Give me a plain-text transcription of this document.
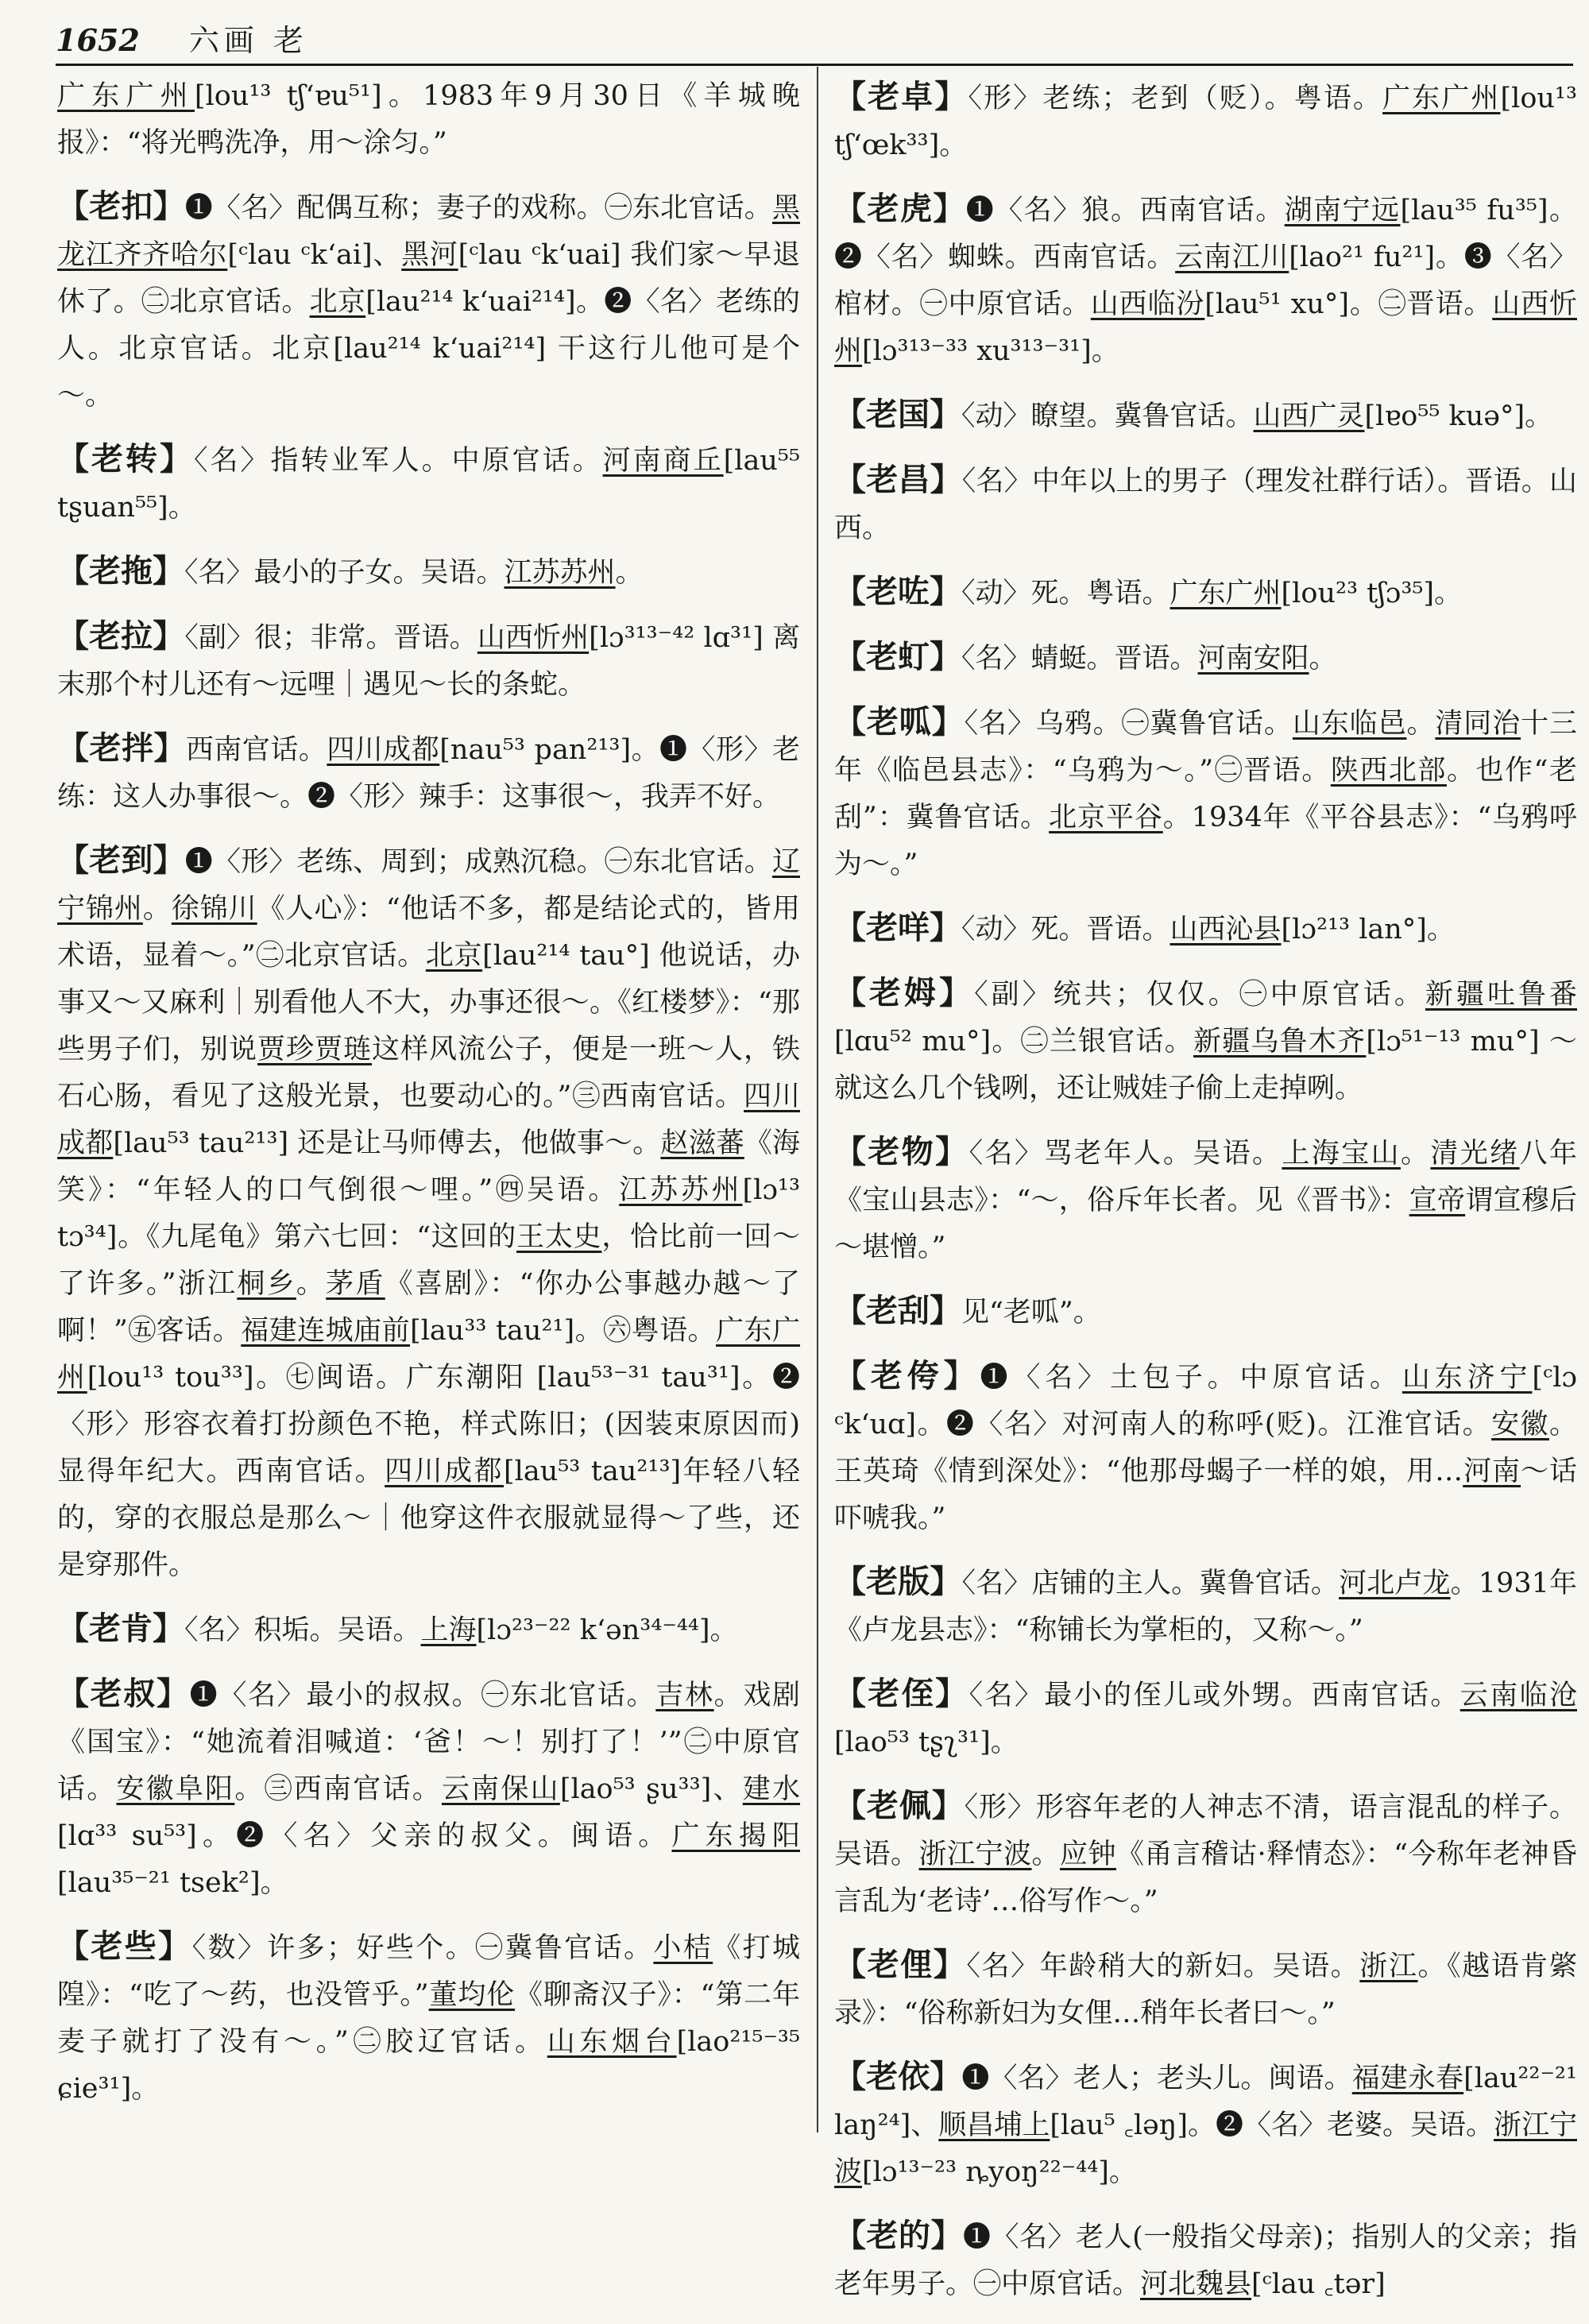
1652 六画 老

广东广州[lou¹³ tʃ‘ɐu⁵¹]。1983年9月30日《羊城晚报》：“将光鸭洗净，用～涂匀。”

【老扣】❶〈名〉配偶互称；妻子的戏称。㊀东北官话。黑龙江齐齐哈尔[ᶜlau ᶜk‘ai]、黑河[ᶜlau ᶜk‘uai] 我们家～早退休了。㊁北京官话。北京[lau²¹⁴ k‘uai²¹⁴]。❷〈名〉老练的人。北京官话。北京[lau²¹⁴ k‘uai²¹⁴] 干这行儿他可是个～。

【老转】〈名〉指转业军人。中原官话。河南商丘[lau⁵⁵ tʂuan⁵⁵]。

【老拖】〈名〉最小的子女。吴语。江苏苏州。

【老拉】〈副〉很；非常。晋语。山西忻州[lɔ³¹³⁻⁴² lɑ³¹] 离末那个村儿还有～远哩｜遇见～长的条蛇。

【老拌】西南官话。四川成都[nau⁵³ pan²¹³]。❶〈形〉老练：这人办事很～。❷〈形〉辣手：这事很～，我弄不好。

【老到】❶〈形〉老练、周到；成熟沉稳。㊀东北官话。辽宁锦州。徐锦川《人心》：“他话不多，都是结论式的，皆用术语，显着～。”㊁北京官话。北京[lau²¹⁴ tau°] 他说话，办事又～又麻利｜别看他人不大，办事还很～。《红楼梦》：“那些男子们，别说贾珍贾琏这样风流公子，便是一班～人，铁石心肠，看见了这般光景，也要动心的。”㊂西南官话。四川成都[lau⁵³ tau²¹³] 还是让马师傅去，他做事～。赵滋蕃《海笑》：“年轻人的口气倒很～哩。”㊃吴语。江苏苏州[lɔ¹³ tɔ³⁴]。《九尾龟》第六七回：“这回的王太史，恰比前一回～了许多。”浙江桐乡。茅盾《喜剧》：“你办公事越办越～了啊！”㊄客话。福建连城庙前[lau³³ tau²¹]。㊅粤语。广东广州[lou¹³ tou³³]。㊆闽语。广东潮阳 [lau⁵³⁻³¹ tau³¹]。❷〈形〉形容衣着打扮颜色不艳，样式陈旧；(因装束原因而)显得年纪大。西南官话。四川成都[lau⁵³ tau²¹³]年轻八轻的，穿的衣服总是那么～｜他穿这件衣服就显得～了些，还是穿那件。

【老肯】〈名〉积垢。吴语。上海[lɔ²³⁻²² k‘ən³⁴⁻⁴⁴]。

【老叔】❶〈名〉最小的叔叔。㊀东北官话。吉林。戏剧《国宝》：“她流着泪喊道：‘爸！～！别打了！’”㊁中原官话。安徽阜阳。㊂西南官话。云南保山[lao⁵³ ʂu³³]、建水[lɑ³³ su⁵³]。❷〈名〉父亲的叔父。闽语。广东揭阳[lau³⁵⁻²¹ tsek²]。

【老些】〈数〉许多；好些个。㊀冀鲁官话。小桔《打城隍》：“吃了～药，也没管乎。”董均伦《聊斋汉子》：“第二年麦子就打了没有～。”㊁胶辽官话。山东烟台[lao²¹⁵⁻³⁵ ɕie³¹]。

【老卓】〈形〉老练；老到（贬）。粤语。广东广州[lou¹³ tʃ‘œk³³]。

【老虎】❶〈名〉狼。西南官话。湖南宁远[lau³⁵ fu³⁵]。❷〈名〉蜘蛛。西南官话。云南江川[lao²¹ fu²¹]。❸〈名〉棺材。㊀中原官话。山西临汾[lau⁵¹ xu°]。㊁晋语。山西忻州[lɔ³¹³⁻³³ xu³¹³⁻³¹]。

【老国】〈动〉瞭望。冀鲁官话。山西广灵[lɐo⁵⁵ kuə°]。

【老昌】〈名〉中年以上的男子（理发社群行话）。晋语。山西。

【老咗】〈动〉死。粤语。广东广州[lou²³ tʃɔ³⁵]。

【老虰】〈名〉蜻蜓。晋语。河南安阳。

【老呱】〈名〉乌鸦。㊀冀鲁官话。山东临邑。清同治十三年《临邑县志》：“乌鸦为～。”㊁晋语。陕西北部。也作“老刮”：冀鲁官话。北京平谷。1934年《平谷县志》：“乌鸦呼为～。”

【老咩】〈动〉死。晋语。山西沁县[lɔ²¹³ lan°]。

【老姆】〈副〉统共；仅仅。㊀中原官话。新疆吐鲁番[lɑu⁵² mu°]。㊁兰银官话。新疆乌鲁木齐[lɔ⁵¹⁻¹³ mu°] ～就这么几个钱咧，还让贼娃子偷上走掉咧。

【老物】〈名〉骂老年人。吴语。上海宝山。清光绪八年《宝山县志》：“～，俗斥年长者。见《晋书》：宣帝谓宣穆后～堪憎。”

【老刮】见“老呱”。

【老侉】❶〈名〉土包子。中原官话。山东济宁[ᶜlɔ ᶜk‘uɑ]。❷〈名〉对河南人的称呼(贬)。江淮官话。安徽。王英琦《情到深处》：“他那母蝎子一样的娘，用…河南～话吓唬我。”

【老版】〈名〉店铺的主人。冀鲁官话。河北卢龙。1931年《卢龙县志》：“称铺长为掌柜的，又称～。”

【老侄】〈名〉最小的侄儿或外甥。西南官话。云南临沧[lao⁵³ tʂʅ³¹]。

【老佩】〈形〉形容年老的人神志不清，语言混乱的样子。吴语。浙江宁波。应钟《甬言稽诂·释情态》：“今称年老神昏言乱为‘老诗’…俗写作～。”

【老俚】〈名〉年龄稍大的新妇。吴语。浙江。《越语肯綮录》：“俗称新妇为女俚…稍年长者曰～。”

【老依】❶〈名〉老人；老头儿。闽语。福建永春[lau²²⁻²¹ laŋ²⁴]、顺昌埔上[lau⁵ ꜀ləŋ]。❷〈名〉老婆。吴语。浙江宁波[lɔ¹³⁻²³ ȵyoŋ²²⁻⁴⁴]。

【老的】❶〈名〉老人(一般指父母亲)；指别人的父亲；指老年男子。㊀中原官话。河北魏县[ᶜlau ꜀tər]
